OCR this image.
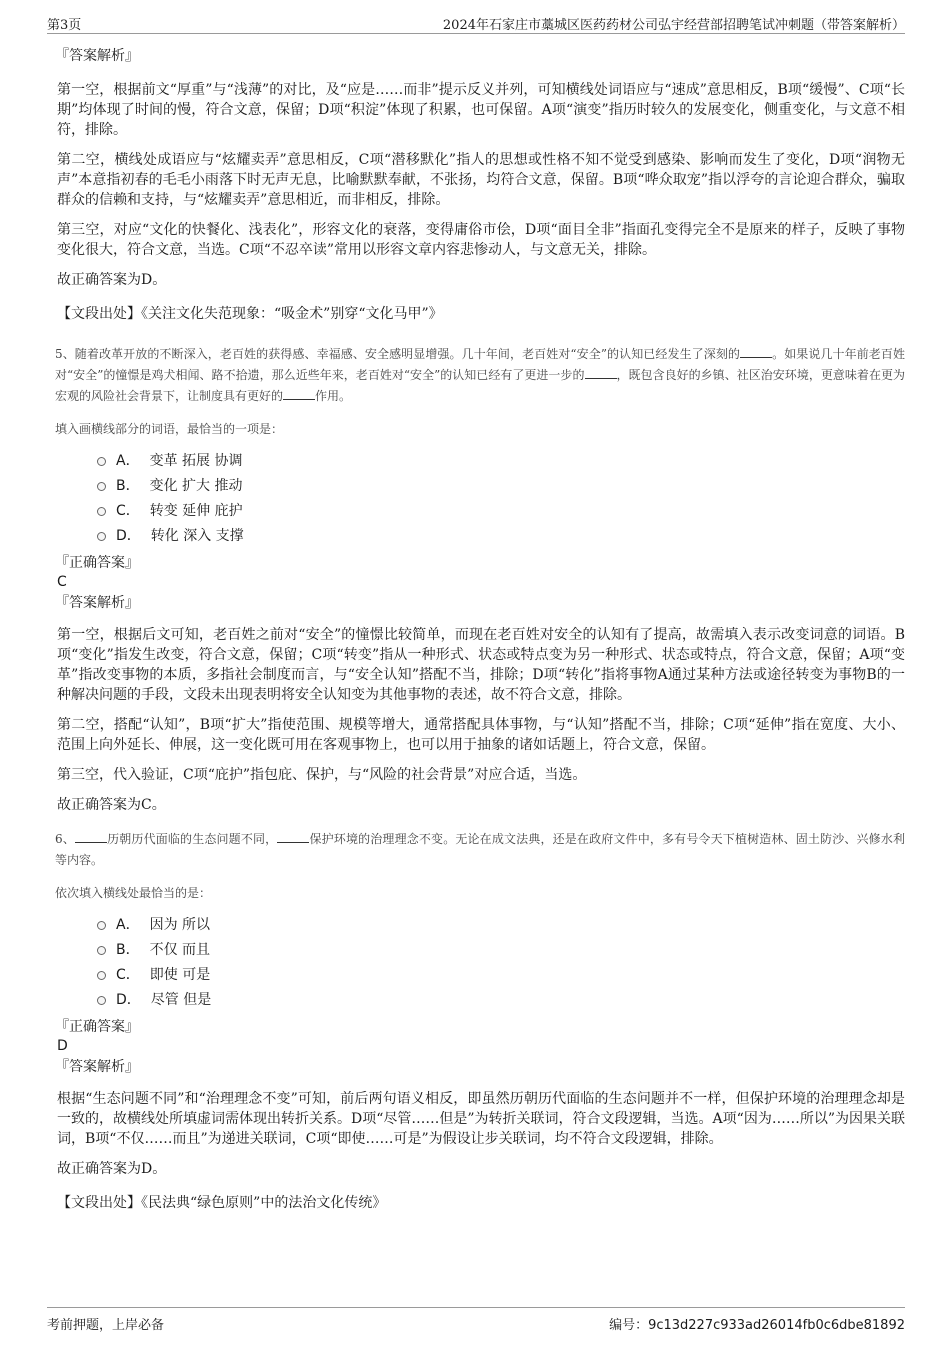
第3页	2024年石家庄市藁城区医药药材公司弘宇经营部招聘笔试冲刺题（带答案解析）
『答案解析』
第一空，根据前文“厚重”与“浅薄”的对比，及“应是……而非”提示反义并列，可知横线处词语应与“速成”意思相反，B项“缓慢”、C项“长期”均体现了时间的慢，符合文意，保留；D项“积淀”体现了积累，也可保留。A项“演变”指历时较久的发展变化，侧重变化，与文意不相符，排除。
第二空，横线处成语应与“炫耀卖弄”意思相反，C项“潜移默化”指人的思想或性格不知不觉受到感染、影响而发生了变化，D项“润物无声”本意指初春的毛毛小雨落下时无声无息，比喻默默奉献，不张扬，均符合文意，保留。B项“哗众取宠”指以浮夸的言论迎合群众，骗取群众的信赖和支持，与“炫耀卖弄”意思相近，而非相反，排除。
第三空，对应“文化的快餐化、浅表化”，形容文化的衰落，变得庸俗市侩，D项“面目全非”指面孔变得完全不是原来的样子，反映了事物变化很大，符合文意，当选。C项“不忍卒读”常用以形容文章内容悲惨动人，与文意无关，排除。
故正确答案为D。
【文段出处】《关注文化失范现象：“吸金术”别穿“文化马甲”》
5、随着改革开放的不断深入，老百姓的获得感、幸福感、安全感明显增强。几十年间，老百姓对“安全”的认知已经发生了深刻的	。如果说几十年前老百姓对“安全”的憧憬是鸡犬相闻、路不拾遗，那么近些年来，老百姓对“安全”的认知已经有了更进一步的	，既包含良好的乡镇、社区治安环境，更意味着在更为宏观的风险社会背景下，让制度具有更好的	作用。
填入画横线部分的词语，最恰当的一项是：
A． 变革 拓展 协调
B． 变化 扩大 推动
C． 转变 延伸 庇护
D． 转化 深入 支撑
『正确答案』
C
『答案解析』
第一空，根据后文可知，老百姓之前对“安全”的憧憬比较简单，而现在老百姓对安全的认知有了提高，故需填入表示改变词意的词语。B项“变化”指发生改变，符合文意，保留；C项“转变”指从一种形式、状态或特点变为另一种形式、状态或特点，符合文意，保留；A项“变革”指改变事物的本质，多指社会制度而言，与“安全认知”搭配不当，排除；D项“转化”指将事物A通过某种方法或途径转变为事物B的一种解决问题的手段，文段未出现表明将安全认知变为其他事物的表述，故不符合文意，排除。
第二空，搭配“认知”，B项“扩大”指使范围、规模等增大，通常搭配具体事物，与“认知”搭配不当，排除；C项“延伸”指在宽度、大小、范围上向外延长、伸展，这一变化既可用在客观事物上，也可以用于抽象的诸如话题上，符合文意，保留。
第三空，代入验证，C项“庇护”指包庇、保护，与“风险的社会背景”对应合适，当选。
故正确答案为C。
6、	历朝历代面临的生态问题不同，	保护环境的治理理念不变。无论在成文法典，还是在政府文件中，多有号令天下植树造林、固土防沙、兴修水利等内容。
依次填入横线处最恰当的是：
A． 因为 所以
B． 不仅 而且
C． 即使 可是
D． 尽管 但是
『正确答案』
D
『答案解析』
根据“生态问题不同”和“治理理念不变”可知，前后两句语义相反，即虽然历朝历代面临的生态问题并不一样，但保护环境的治理理念却是一致的，故横线处所填虚词需体现出转折关系。D项“尽管……但是”为转折关联词，符合文段逻辑，当选。A项“因为……所以”为因果关联词，B项“不仅……而且”为递进关联词，C项“即使……可是”为假设让步关联词，均不符合文段逻辑，排除。
故正确答案为D。
【文段出处】《民法典“绿色原则”中的法治文化传统》
考前押题，上岸必备	编号：9c13d227c933ad26014fb0c6dbe81892
